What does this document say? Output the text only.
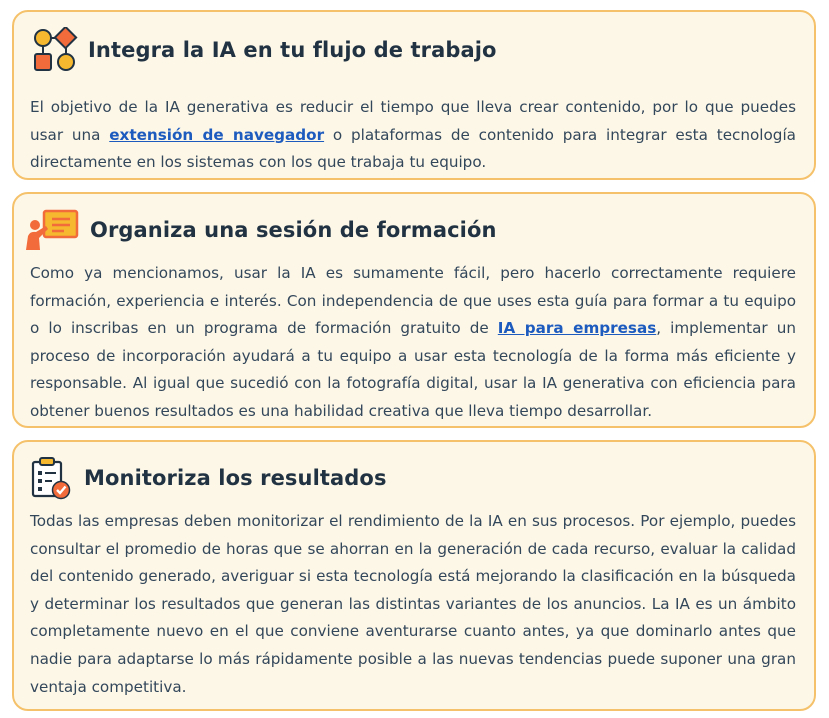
Integra la IA en tu flujo de trabajo
El objetivo de la IA generativa es reducir el tiempo que lleva crear contenido, por lo que puedes usar una extensión de navegador o plataformas de contenido para integrar esta tecnología directamente en los sistemas con los que trabaja tu equipo.
Organiza una sesión de formación
Como ya mencionamos, usar la IA es sumamente fácil, pero hacerlo correctamente requiere formación, experiencia e interés. Con independencia de que uses esta guía para formar a tu equipo o lo inscribas en un programa de formación gratuito de IA para empresas, implementar un proceso de incorporación ayudará a tu equipo a usar esta tecnología de la forma más eficiente y responsable. Al igual que sucedió con la fotografía digital, usar la IA generativa con eficiencia para obtener buenos resultados es una habilidad creativa que lleva tiempo desarrollar.
Monitoriza los resultados
Todas las empresas deben monitorizar el rendimiento de la IA en sus procesos. Por ejemplo, puedes consultar el promedio de horas que se ahorran en la generación de cada recurso, evaluar la calidad del contenido generado, averiguar si esta tecnología está mejorando la clasificación en la búsqueda y determinar los resultados que generan las distintas variantes de los anuncios. La IA es un ámbito completamente nuevo en el que conviene aventurarse cuanto antes, ya que dominarlo antes que nadie para adaptarse lo más rápidamente posible a las nuevas tendencias puede suponer una gran ventaja competitiva.
